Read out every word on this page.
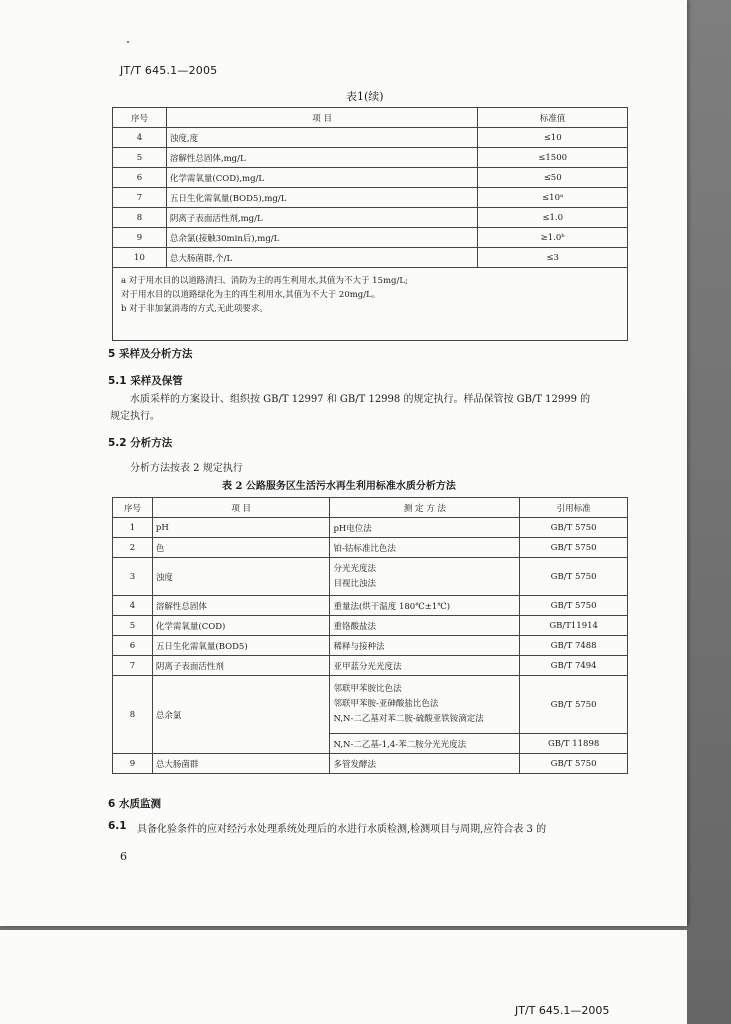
JT/T 645.1—2005
表1(续)
序号	项 目	标准值
4	浊度,度	≤10
5	溶解性总固体,mg/L	≤1500
6	化学需氧量(COD),mg/L	≤50
7	五日生化需氧量(BOD5),mg/L	≤10ᵃ
8	阴离子表面活性剂,mg/L	≤1.0
9	总余氯(接触30min后),mg/L	≥1.0ᵇ
10	总大肠菌群,个/L	≤3

a 对于用水目的以道路清扫、消防为主的再生利用水,其值为不大于 15mg/L;
对于用水目的以道路绿化为主的再生利用水,其值为不大于 20mg/L。
b 对于非加氯消毒的方式,无此项要求。		
5 采样及分析方法
5.1 采样及保管
水质采样的方案设计、组织按 GB/T 12997 和 GB/T 12998 的规定执行。样品保管按 GB/T 12999 的
规定执行。
5.2 分析方法
分析方法按表 2 规定执行
表 2 公路服务区生活污水再生利用标准水质分析方法
序号	项 目	测 定 方 法	引用标准
1	pH	pH电位法	GB/T 5750
2	色	铂-钴标准比色法	GB/T 5750
3	浊度	分光光度法
目视比浊法	GB/T 5750
4	溶解性总固体	重量法(烘干温度 180℃±1℃)	GB/T 5750
5	化学需氧量(COD)	重铬酸盐法	GB/T11914
6	五日生化需氧量(BOD5)	稀释与接种法	GB/T 7488
7	阴离子表面活性剂	亚甲蓝分光光度法	GB/T 7494
8	总余氯	邻联甲苯胺比色法
邻联甲苯胺-亚砷酸盐比色法
N,N-二乙基对苯二胺-硫酸亚铁铵滴定法	GB/T 5750
		N,N-二乙基-1,4-苯二胺分光光度法	GB/T 11898
9	总大肠菌群	多管发酵法	GB/T 5750
6 水质监测
6.1 具备化验条件的应对经污水处理系统处理后的水进行水质检测,检测项目与周期,应符合表 3 的
6
JT/T 645.1—2005
